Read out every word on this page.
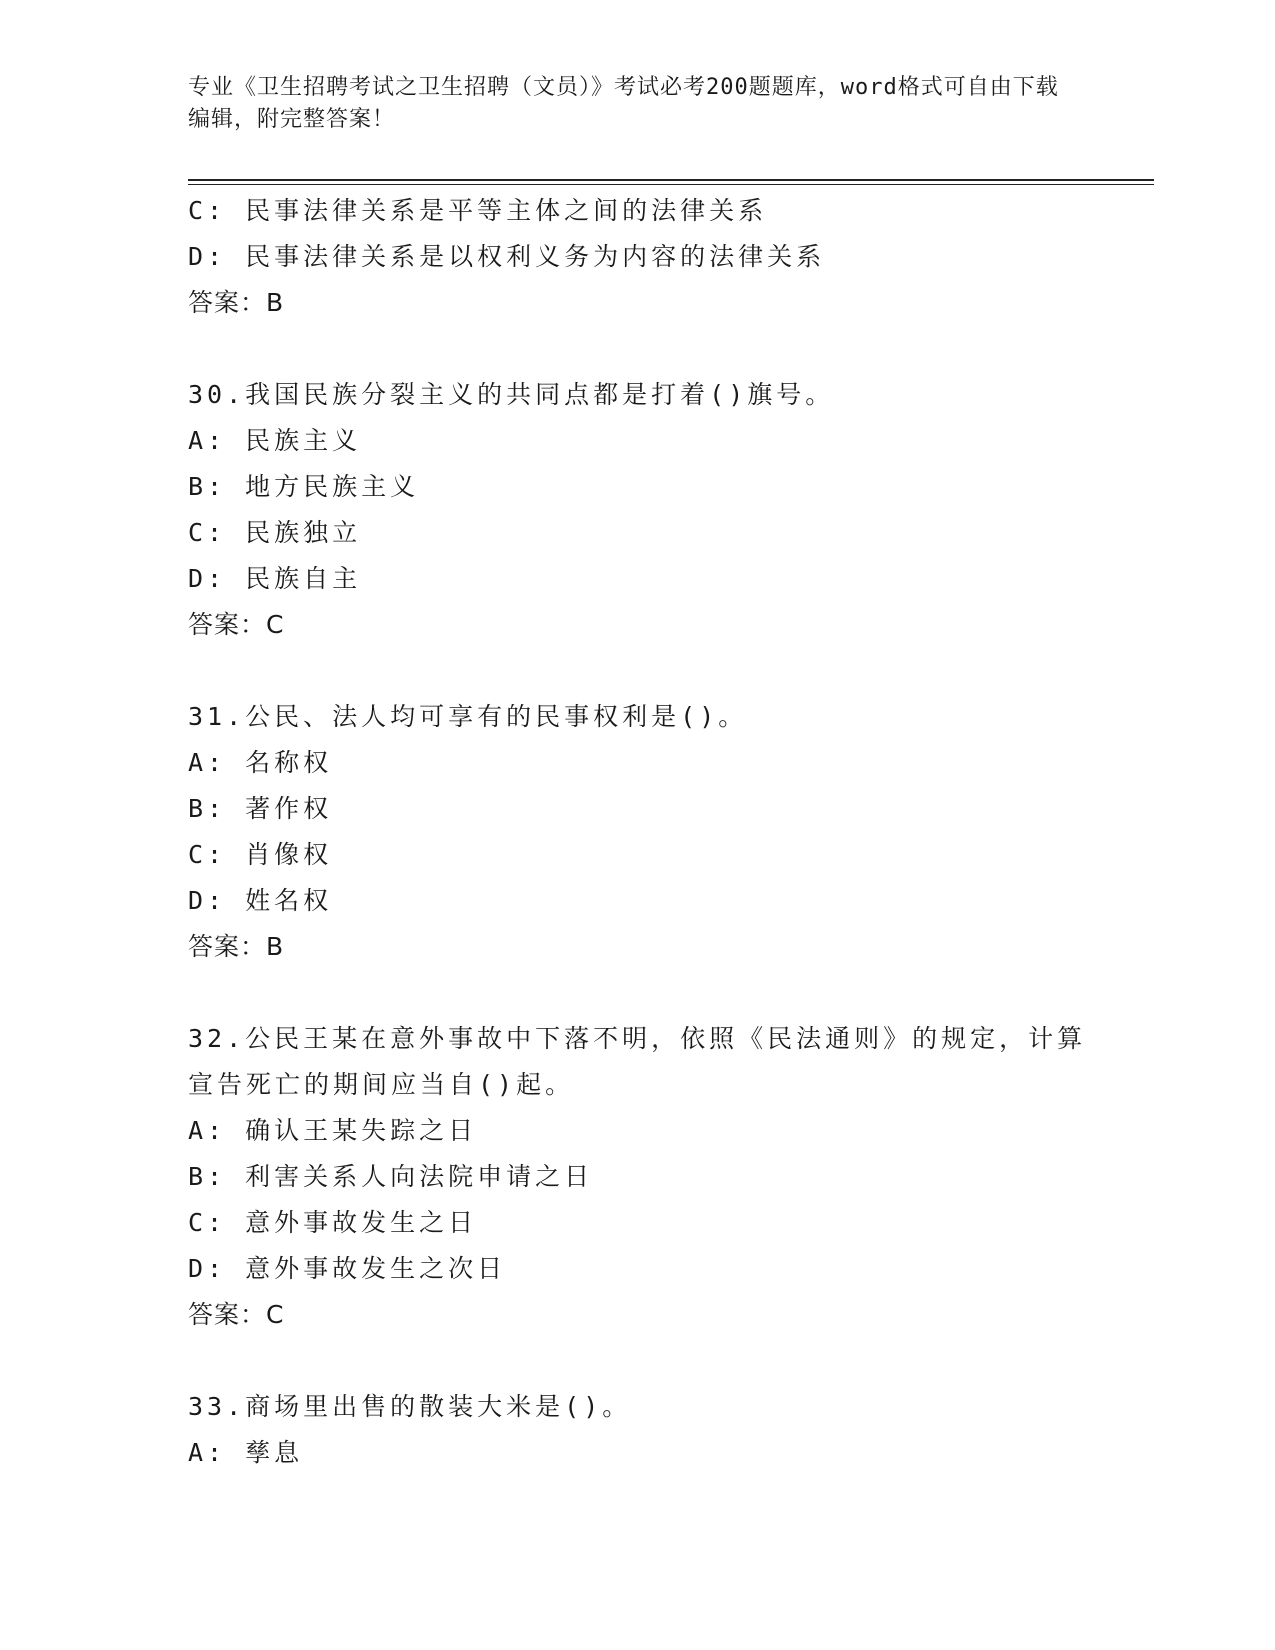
专业《卫生招聘考试之卫生招聘（文员）》考试必考200题题库，word格式可自由下载编辑，附完整答案！
C: 民事法律关系是平等主体之间的法律关系
D: 民事法律关系是以权利义务为内容的法律关系
答案：B
30.我国民族分裂主义的共同点都是打着()旗号。
A: 民族主义
B: 地方民族主义
C: 民族独立
D: 民族自主
答案：C
31.公民、法人均可享有的民事权利是()。
A: 名称权
B: 著作权
C: 肖像权
D: 姓名权
答案：B
32.公民王某在意外事故中下落不明，依照《民法通则》的规定，计算宣告死亡的期间应当自()起。
A: 确认王某失踪之日
B: 利害关系人向法院申请之日
C: 意外事故发生之日
D: 意外事故发生之次日
答案：C
33.商场里出售的散装大米是()。
A: 孳息
